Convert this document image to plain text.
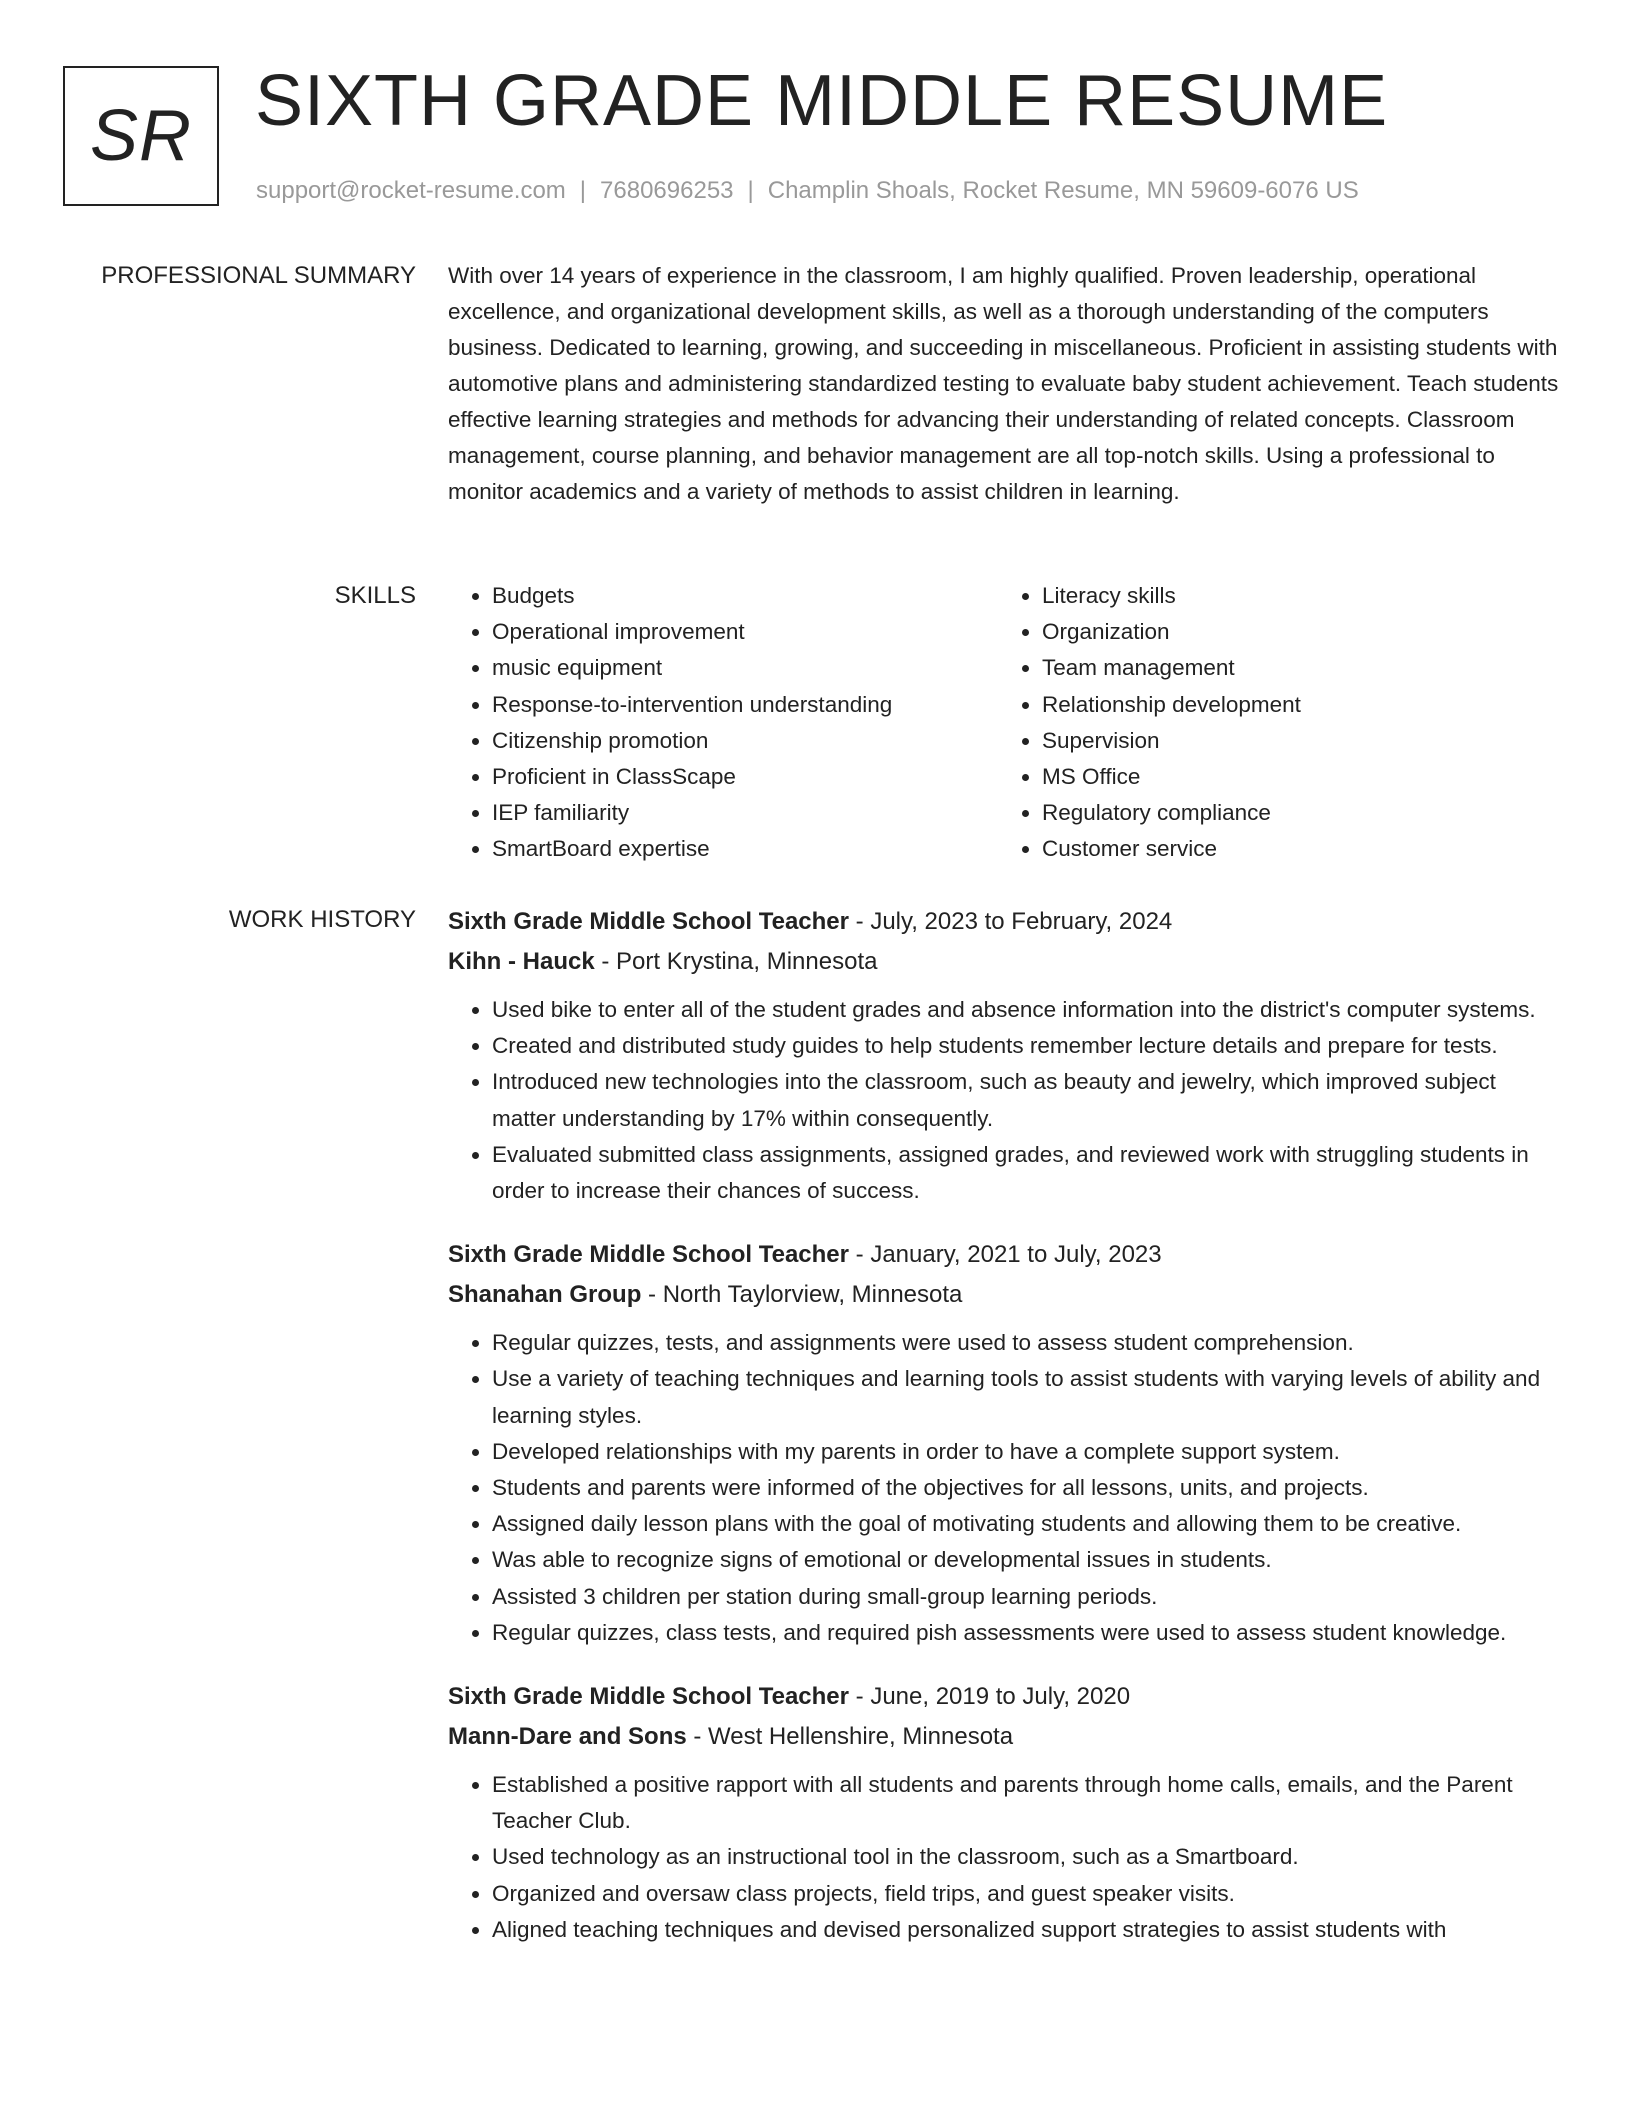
SR SIXTH GRADE MIDDLE RESUME
support@rocket-resume.com | 7680696253 | Champlin Shoals, Rocket Resume, MN 59609-6076 US
PROFESSIONAL SUMMARY With over 14 years of experience in the classroom, I am highly qualified. Proven leadership, operational excellence, and organizational development skills, as well as a thorough understanding of the computers business. Dedicated to learning, growing, and succeeding in miscellaneous. Proficient in assisting students with automotive plans and administering standardized testing to evaluate baby student achievement. Teach students effective learning strategies and methods for advancing their understanding of related concepts. Classroom management, course planning, and behavior management are all top-notch skills. Using a professional to monitor academics and a variety of methods to assist children in learning.

SKILLS
•	Budgets
• Operational improvement
• music equipment
• Response-to-intervention understanding
• Citizenship promotion
• Proficient in ClassScape
• IEP familiarity
• SmartBoard expertise
• Literacy skills
• Organization
• Team management
• Relationship development
• Supervision
• MS Office
• Regulatory compliance
• Customer service
WORK HISTORY Sixth Grade Middle School Teacher - July, 2023 to February, 2024
Kihn - Hauck - Port Krystina, Minnesota
• Used bike to enter all of the student grades and absence information into the district's computer systems.
• Created and distributed study guides to help students remember lecture details and prepare for tests.
• Introduced new technologies into the classroom, such as beauty and jewelry, which improved subject matter understanding by 17% within consequently.
• Evaluated submitted class assignments, assigned grades, and reviewed work with struggling students in order to increase their chances of success.
Sixth Grade Middle School Teacher - January, 2021 to July, 2023
Shanahan Group - North Taylorview, Minnesota
• Regular quizzes, tests, and assignments were used to assess student comprehension.
• Use a variety of teaching techniques and learning tools to assist students with varying levels of ability and learning styles.
• Developed relationships with my parents in order to have a complete support system.
• Students and parents were informed of the objectives for all lessons, units, and projects.
• Assigned daily lesson plans with the goal of motivating students and allowing them to be creative.
• Was able to recognize signs of emotional or developmental issues in students.
• Assisted 3 children per station during small-group learning periods.
• Regular quizzes, class tests, and required pish assessments were used to assess student knowledge.
Sixth Grade Middle School Teacher - June, 2019 to July, 2020
Mann-Dare and Sons - West Hellenshire, Minnesota
• Established a positive rapport with all students and parents through home calls, emails, and the Parent Teacher Club.
• Used technology as an instructional tool in the classroom, such as a Smartboard.
• Organized and oversaw class projects, field trips, and guest speaker visits.
• Aligned teaching techniques and devised personalized support strategies to assist students with
